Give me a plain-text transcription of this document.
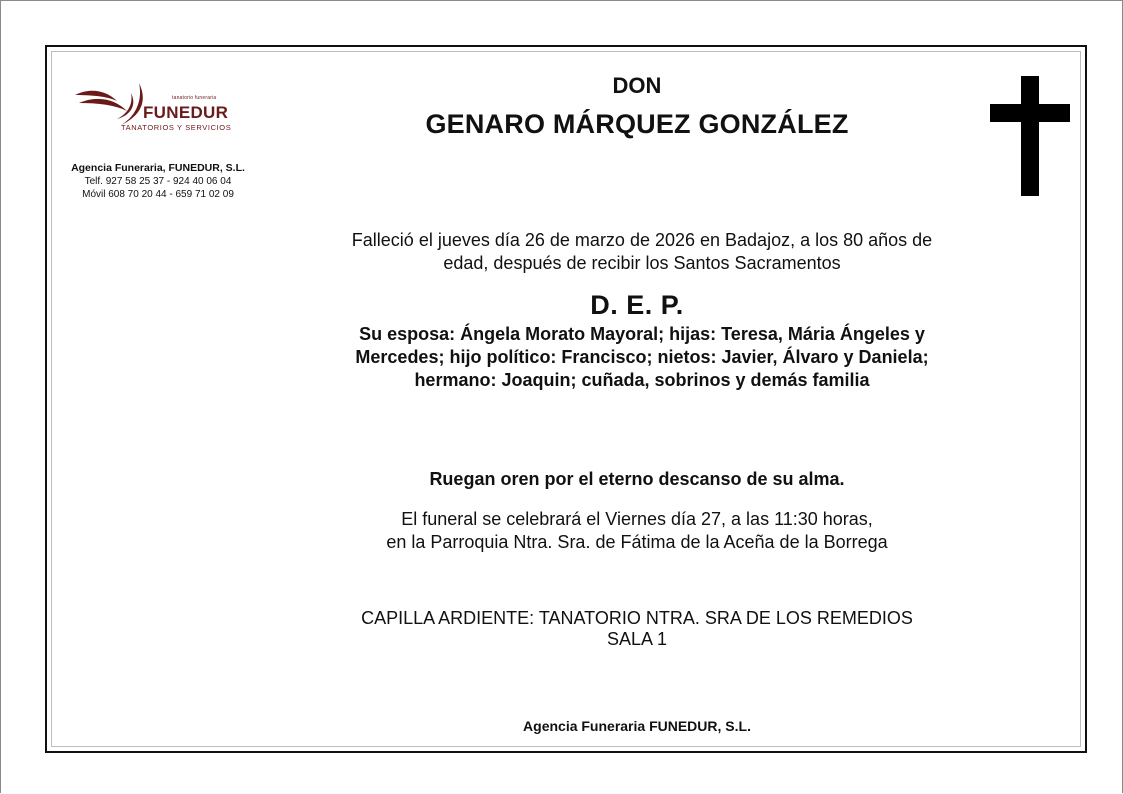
tanatorio funeraria
FUNEDUR
TANATORIOS Y SERVICIOS
Agencia Funeraria, FUNEDUR, S.L.
Telf. 927 58 25 37 - 924 40 06 04
Móvil 608 70 20 44 - 659 71 02 09
DON
GENARO MÁRQUEZ GONZÁLEZ
Falleció el jueves día 26 de marzo de 2026 en Badajoz, a los 80 años de
edad, después de recibir los Santos Sacramentos
D. E. P.
Su esposa: Ángela Morato Mayoral; hijas: Teresa, Mária Ángeles y
Mercedes; hijo político: Francisco; nietos: Javier, Álvaro y Daniela;
hermano: Joaquin; cuñada, sobrinos y demás familia
Ruegan oren por el eterno descanso de su alma.
El funeral se celebrará el Viernes día 27, a las 11:30 horas,
en la Parroquia Ntra. Sra. de Fátima de la Aceña de la Borrega
CAPILLA ARDIENTE: TANATORIO NTRA. SRA DE LOS REMEDIOS
SALA 1
Agencia Funeraria FUNEDUR, S.L.
